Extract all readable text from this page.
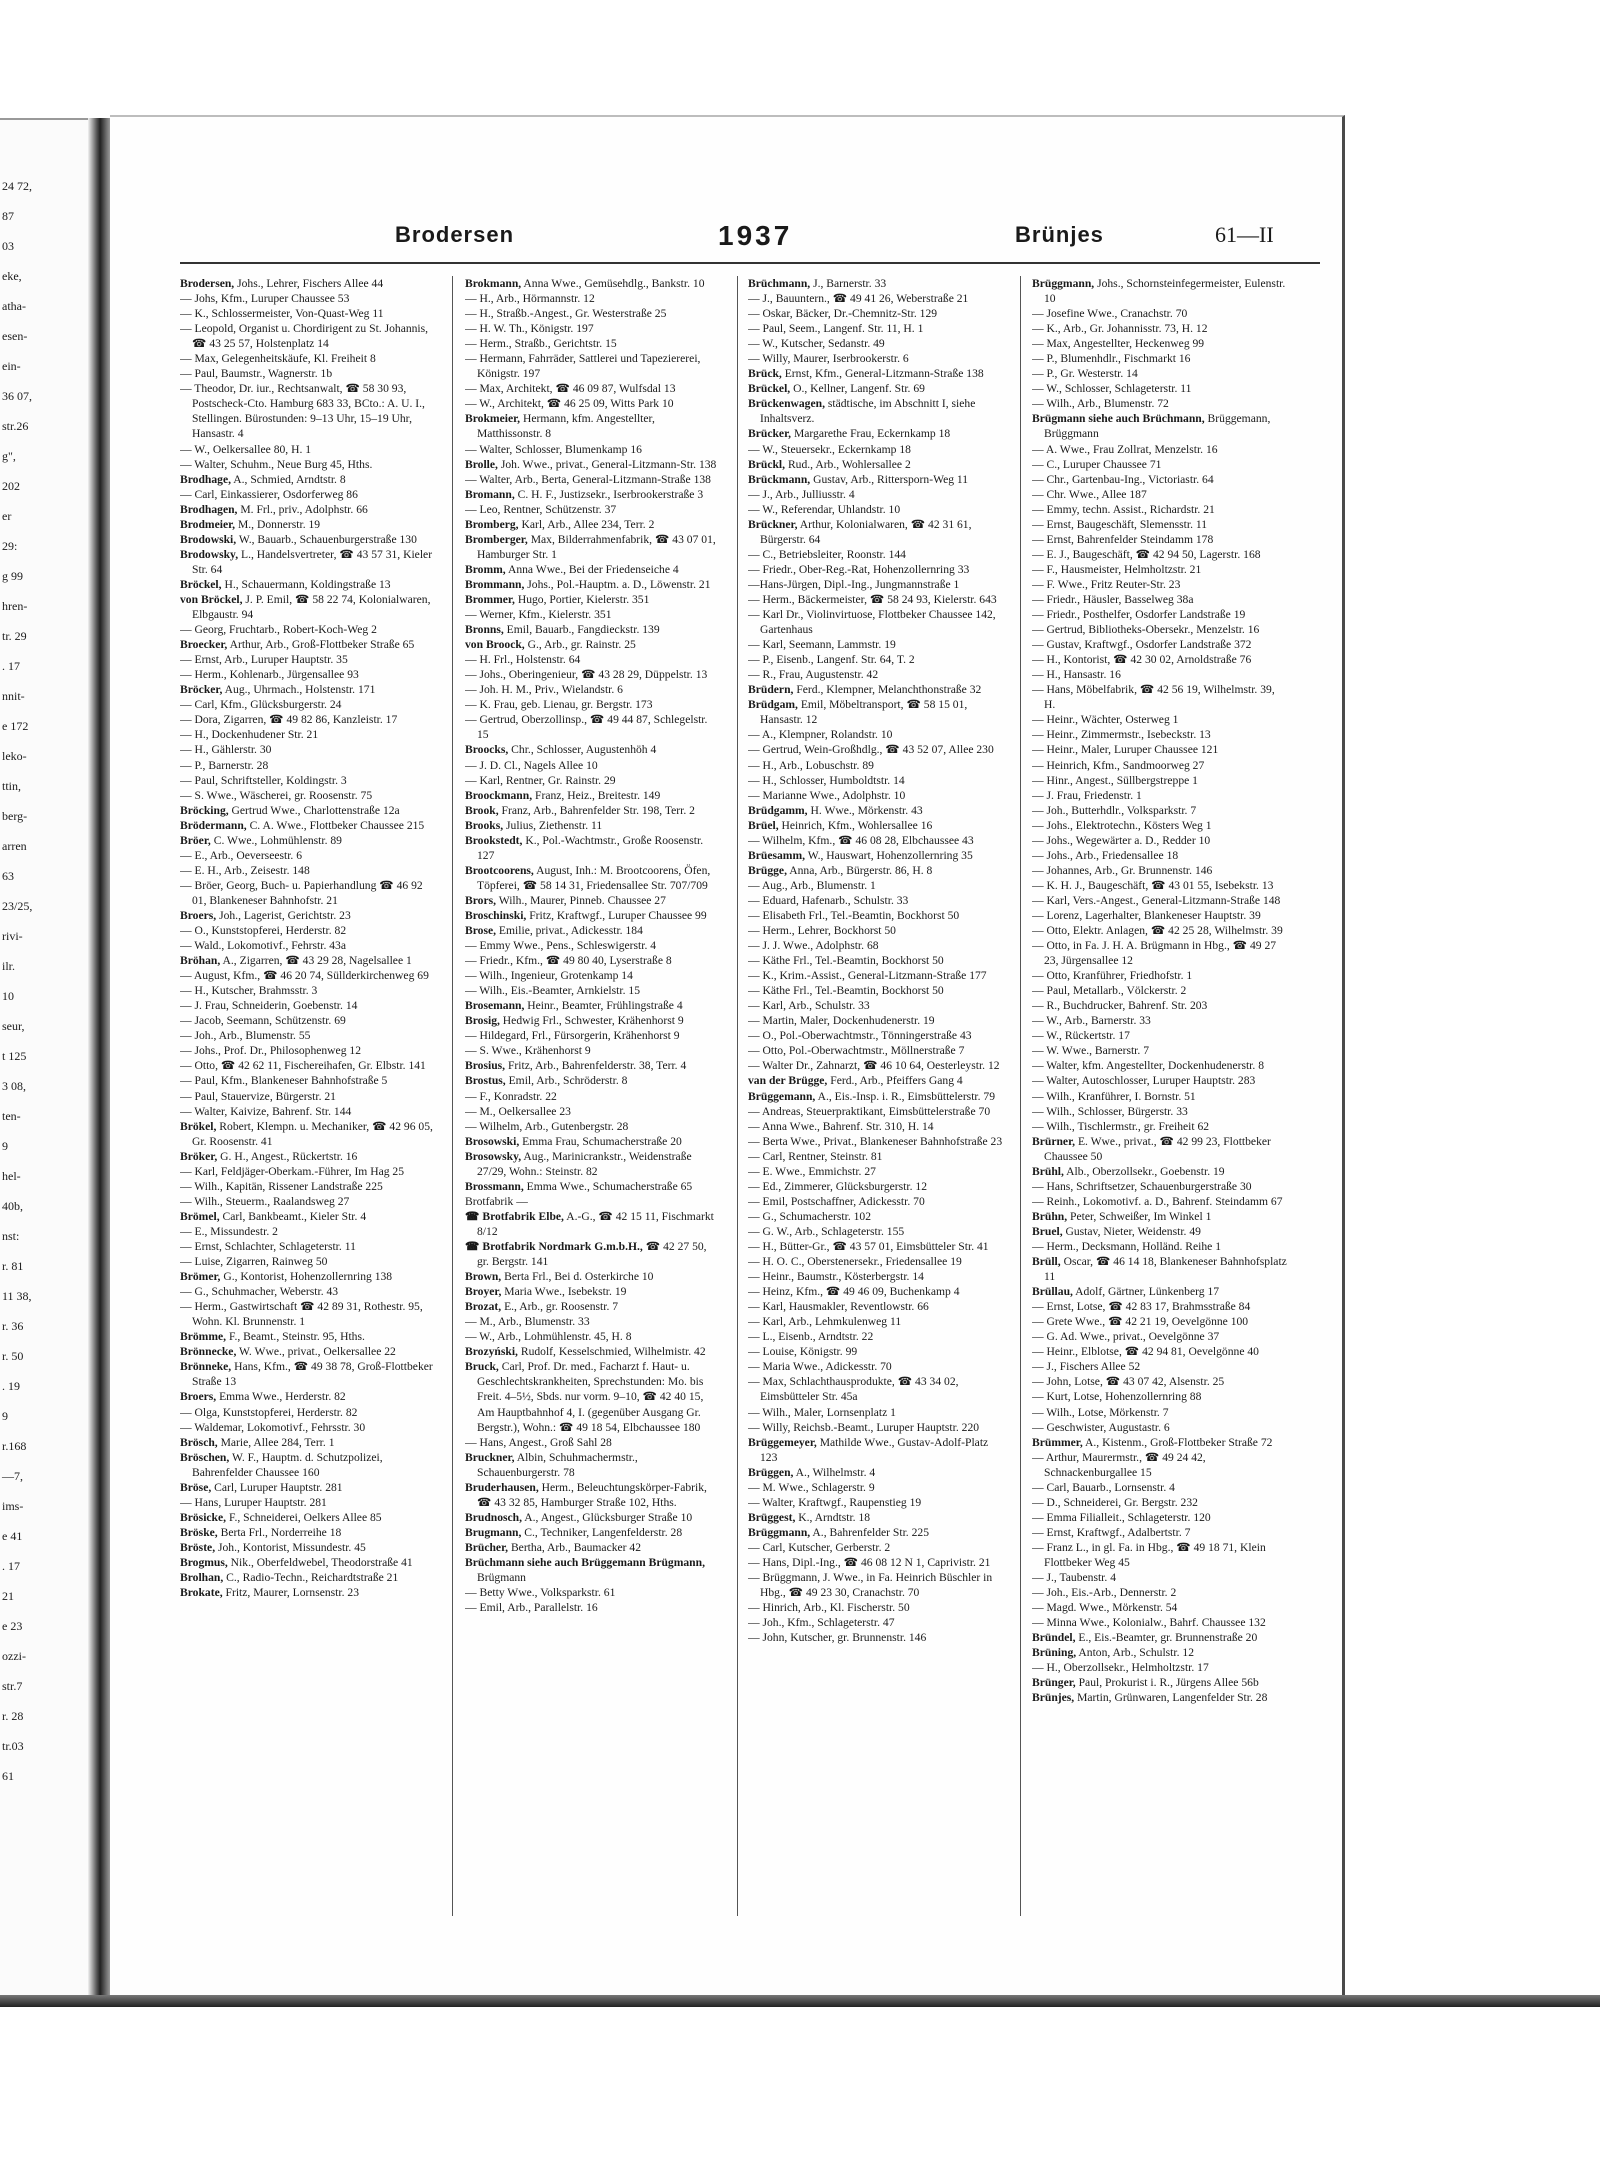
24 72,
87
03
eke,
atha-
esen-
ein-
36 07,
str.26
g",
202
er
29:
g 99
hren-
tr. 29
. 17
nnit-
e 172
leko-
ttin,
berg-
arren
63
23/25,
rivi-
ilr.
10
seur,
t 125
3 08,
ten-
9
hel-
40b,
nst:
r. 81
11 38,
r. 36
r. 50
. 19
9
r.168
—7,
ims-
e 41
. 17
21
e 23
ozzi-
str.7
r. 28
tr.03
61
Brodersen	1937	Brünjes	61—II
Brodersen, Johs., Lehrer, Fischers Allee 44
— Johs, Kfm., Luruper Chaussee 53
— K., Schlossermeister, Von-Quast-Weg 11
— Leopold, Organist u. Chordirigent zu St. Johannis, ☎ 43 25 57, Holstenplatz 14
— Max, Gelegenheitskäufe, Kl. Freiheit 8
— Paul, Baumstr., Wagnerstr. 1b
— Theodor, Dr. iur., Rechtsanwalt, ☎ 58 30 93, Postscheck-Cto. Hamburg 683 33, BCto.: A. U. I., Stellingen. Bürostunden: 9–13 Uhr, 15–19 Uhr, Hansastr. 4
— W., Oelkersallee 80, H. 1
— Walter, Schuhm., Neue Burg 45, Hths.
Brodhage, A., Schmied, Arndtstr. 8
— Carl, Einkassierer, Osdorferweg 86
Brodhagen, M. Frl., priv., Adolphstr. 66
Brodmeier, M., Donnerstr. 19
Brodowski, W., Bauarb., Schauenburgerstraße 130
Brodowsky, L., Handelsvertreter, ☎ 43 57 31, Kieler Str. 64
Bröckel, H., Schauermann, Koldingstraße 13
von Bröckel, J. P. Emil, ☎ 58 22 74, Kolonialwaren, Elbgaustr. 94
— Georg, Fruchtarb., Robert-Koch-Weg 2
Broecker, Arthur, Arb., Groß-Flottbeker Straße 65
— Ernst, Arb., Luruper Hauptstr. 35
— Herm., Kohlenarb., Jürgensallee 93
Bröcker, Aug., Uhrmach., Holstenstr. 171
— Carl, Kfm., Glücksburgerstr. 24
— Dora, Zigarren, ☎ 49 82 86, Kanzleistr. 17
— H., Dockenhudener Str. 21
— H., Gählerstr. 30
— P., Barnerstr. 28
— Paul, Schriftsteller, Koldingstr. 3
— S. Wwe., Wäscherei, gr. Roosenstr. 75
Bröcking, Gertrud Wwe., Charlottenstraße 12a
Brödermann, C. A. Wwe., Flottbeker Chaussee 215
Bröer, C. Wwe., Lohmühlenstr. 89
— E., Arb., Oeverseestr. 6
— E. H., Arb., Zeisestr. 148
— Bröer, Georg, Buch- u. Papierhandlung ☎ 46 92 01, Blankeneser Bahnhofstr. 21
Broers, Joh., Lagerist, Gerichtstr. 23
— O., Kunststopferei, Herderstr. 82
— Wald., Lokomotivf., Fehrstr. 43a
Bröhan, A., Zigarren, ☎ 43 29 28, Nagelsallee 1
— August, Kfm., ☎ 46 20 74, Süllderkirchenweg 69
— H., Kutscher, Brahmsstr. 3
— J. Frau, Schneiderin, Goebenstr. 14
— Jacob, Seemann, Schützenstr. 69
— Joh., Arb., Blumenstr. 55
— Johs., Prof. Dr., Philosophenweg 12
— Otto, ☎ 42 62 11, Fischereihafen, Gr. Elbstr. 141
— Paul, Kfm., Blankeneser Bahnhofstraße 5
— Paul, Stauervize, Bürgerstr. 21
— Walter, Kaivize, Bahrenf. Str. 144
Brökel, Robert, Klempn. u. Mechaniker, ☎ 42 96 05, Gr. Roosenstr. 41
Bröker, G. H., Angest., Rückertstr. 16
— Karl, Feldjäger-Oberkam.-Führer, Im Hag 25
— Wilh., Kapitän, Rissener Landstraße 225
— Wilh., Steuerm., Raalandsweg 27
Brömel, Carl, Bankbeamt., Kieler Str. 4
— E., Missundestr. 2
— Ernst, Schlachter, Schlageterstr. 11
— Luise, Zigarren, Rainweg 50
Brömer, G., Kontorist, Hohenzollernring 138
— G., Schuhmacher, Weberstr. 43
— Herm., Gastwirtschaft ☎ 42 89 31, Rothestr. 95, Wohn. Kl. Brunnenstr. 1
Brömme, F., Beamt., Steinstr. 95, Hths.
Brönnecke, W. Wwe., privat., Oelkersallee 22
Brönneke, Hans, Kfm., ☎ 49 38 78, Groß-Flottbeker Straße 13
Broers, Emma Wwe., Herderstr. 82
— Olga, Kunststopferei, Herderstr. 82
— Waldemar, Lokomotivf., Fehrsstr. 30
Brösch, Marie, Allee 284, Terr. 1
Bröschen, W. F., Hauptm. d. Schutzpolizei, Bahrenfelder Chaussee 160
Bröse, Carl, Luruper Hauptstr. 281
— Hans, Luruper Hauptstr. 281
Brösicke, F., Schneiderei, Oelkers Allee 85
Bröske, Berta Frl., Norderreihe 18
Bröste, Joh., Kontorist, Missundestr. 45
Brogmus, Nik., Oberfeldwebel, Theodorstraße 41
Brolhan, C., Radio-Techn., Reichardtstraße 21
Brokate, Fritz, Maurer, Lornsenstr. 23
Brokmann, Anna Wwe., Gemüsehdlg., Bankstr. 10
— H., Arb., Hörmannstr. 12
— H., Straßb.-Angest., Gr. Westerstraße 25
— H. W. Th., Königstr. 197
— Herm., Straßb., Gerichtstr. 15
— Hermann, Fahrräder, Sattlerei und Tapeziererei, Königstr. 197
— Max, Architekt, ☎ 46 09 87, Wulfsdal 13
— W., Architekt, ☎ 46 25 09, Witts Park 10
Brokmeier, Hermann, kfm. Angestellter, Matthissonstr. 8
— Walter, Schlosser, Blumenkamp 16
Brolle, Joh. Wwe., privat., General-Litzmann-Str. 138
— Walter, Arb., Berta, General-Litzmann-Straße 138
Bromann, C. H. F., Justizsekr., Iserbrookerstraße 3
— Leo, Rentner, Schützenstr. 37
Bromberg, Karl, Arb., Allee 234, Terr. 2
Bromberger, Max, Bilderrahmenfabrik, ☎ 43 07 01, Hamburger Str. 1
Bromm, Anna Wwe., Bei der Friedenseiche 4
Brommann, Johs., Pol.-Hauptm. a. D., Löwenstr. 21
Brommer, Hugo, Portier, Kielerstr. 351
— Werner, Kfm., Kielerstr. 351
Bronns, Emil, Bauarb., Fangdieckstr. 139
von Broock, G., Arb., gr. Rainstr. 25
— H. Frl., Holstenstr. 64
— Johs., Oberingenieur, ☎ 43 28 29, Düppelstr. 13
— Joh. H. M., Priv., Wielandstr. 6
— K. Frau, geb. Lienau, gr. Bergstr. 173
— Gertrud, Oberzollinsp., ☎ 49 44 87, Schlegelstr. 15
Broocks, Chr., Schlosser, Augustenhöh 4
— J. D. Cl., Nagels Allee 10
— Karl, Rentner, Gr. Rainstr. 29
Broockmann, Franz, Heiz., Breitestr. 149
Brook, Franz, Arb., Bahrenfelder Str. 198, Terr. 2
Brooks, Julius, Ziethenstr. 11
Brookstedt, K., Pol.-Wachtmstr., Große Roosenstr. 127
Brootcoorens, August, Inh.: M. Brootcoorens, Öfen, Töpferei, ☎ 58 14 31, Friedensallee Str. 707/709
Brors, Wilh., Maurer, Pinneb. Chaussee 27
Broschinski, Fritz, Kraftwgf., Luruper Chaussee 99
Brose, Emilie, privat., Adickesstr. 184
— Emmy Wwe., Pens., Schleswigerstr. 4
— Friedr., Kfm., ☎ 49 80 40, Lyserstraße 8
— Wilh., Ingenieur, Grotenkamp 14
— Wilh., Eis.-Beamter, Arnkielstr. 15
Brosemann, Heinr., Beamter, Frühlingstraße 4
Brosig, Hedwig Frl., Schwester, Krähenhorst 9
— Hildegard, Frl., Fürsorgerin, Krähenhorst 9
— S. Wwe., Krähenhorst 9
Brosius, Fritz, Arb., Bahrenfelderstr. 38, Terr. 4
Brostus, Emil, Arb., Schröderstr. 8
— F., Konradstr. 22
— M., Oelkersallee 23
— Wilhelm, Arb., Gutenbergstr. 28
Brosowski, Emma Frau, Schumacherstraße 20
Brosowsky, Aug., Marinicrankstr., Weidenstraße 27/29, Wohn.: Steinstr. 82
Brossmann, Emma Wwe., Schumacherstraße 65
Brotfabrik —
☎ Brotfabrik Elbe, A.-G., ☎ 42 15 11, Fischmarkt 8/12
☎ Brotfabrik Nordmark G.m.b.H., ☎ 42 27 50, gr. Bergstr. 141
Brown, Berta Frl., Bei d. Osterkirche 10
Broyer, Maria Wwe., Isebekstr. 19
Brozat, E., Arb., gr. Roosenstr. 7
— M., Arb., Blumenstr. 33
— W., Arb., Lohmühlenstr. 45, H. 8
Brozyński, Rudolf, Kesselschmied, Wilhelmistr. 42
Bruck, Carl, Prof. Dr. med., Facharzt f. Haut- u. Geschlechtskrankheiten, Sprechstunden: Mo. bis Freit. 4–5½, Sbds. nur vorm. 9–10, ☎ 42 40 15, Am Hauptbahnhof 4, I. (gegenüber Ausgang Gr. Bergstr.), Wohn.: ☎ 49 18 54, Elbchaussee 180
— Hans, Angest., Groß Sahl 28
Bruckner, Albin, Schuhmachermstr., Schauenburgerstr. 78
Bruderhausen, Herm., Beleuchtungskörper-Fabrik, ☎ 43 32 85, Hamburger Straße 102, Hths.
Brudnosch, A., Angest., Glücksburger Straße 10
Brugmann, C., Techniker, Langenfelderstr. 28
Brücher, Bertha, Arb., Baumacker 42
Brüchmann siehe auch Brüggemann Brügmann, Brügmann
— Betty Wwe., Volksparkstr. 61
— Emil, Arb., Parallelstr. 16
Brüchmann, J., Barnerstr. 33
— J., Bauuntern., ☎ 49 41 26, Weberstraße 21
— Oskar, Bäcker, Dr.-Chemnitz-Str. 129
— Paul, Seem., Langenf. Str. 11, H. 1
— W., Kutscher, Sedanstr. 49
— Willy, Maurer, Iserbrookerstr. 6
Brück, Ernst, Kfm., General-Litzmann-Straße 138
Brückel, O., Kellner, Langenf. Str. 69
Brückenwagen, städtische, im Abschnitt I, siehe Inhaltsverz.
Brücker, Margarethe Frau, Eckernkamp 18
— W., Steuersekr., Eckernkamp 18
Brückl, Rud., Arb., Wohlersallee 2
Brückmann, Gustav, Arb., Rittersporn-Weg 11
— J., Arb., Julliusstr. 4
— W., Referendar, Uhlandstr. 10
Brückner, Arthur, Kolonialwaren, ☎ 42 31 61, Bürgerstr. 64
— C., Betriebsleiter, Roonstr. 144
— Friedr., Ober-Reg.-Rat, Hohenzollernring 33
—Hans-Jürgen, Dipl.-Ing., Jungmannstraße 1
— Herm., Bäckermeister, ☎ 58 24 93, Kielerstr. 643
— Karl Dr., Violinvirtuose, Flottbeker Chaussee 142, Gartenhaus
— Karl, Seemann, Lammstr. 19
— P., Eisenb., Langenf. Str. 64, T. 2
— R., Frau, Augustenstr. 42
Brüdern, Ferd., Klempner, Melanchthonstraße 32
Brüdgam, Emil, Möbeltransport, ☎ 58 15 01, Hansastr. 12
— A., Klempner, Rolandstr. 10
— Gertrud, Wein-Großhdlg., ☎ 43 52 07, Allee 230
— H., Arb., Lobuschstr. 89
— H., Schlosser, Humboldtstr. 14
— Marianne Wwe., Adolphstr. 10
Brüdgamm, H. Wwe., Mörkenstr. 43
Brüel, Heinrich, Kfm., Wohlersallee 16
— Wilhelm, Kfm., ☎ 46 08 28, Elbchaussee 43
Brüesamm, W., Hauswart, Hohenzollernring 35
Brügge, Anna, Arb., Bürgerstr. 86, H. 8
— Aug., Arb., Blumenstr. 1
— Eduard, Hafenarb., Schulstr. 33
— Elisabeth Frl., Tel.-Beamtin, Bockhorst 50
— Herm., Lehrer, Bockhorst 50
— J. J. Wwe., Adolphstr. 68
— Käthe Frl., Tel.-Beamtin, Bockhorst 50
— K., Krim.-Assist., General-Litzmann-Straße 177
— Käthe Frl., Tel.-Beamtin, Bockhorst 50
— Karl, Arb., Schulstr. 33
— Martin, Maler, Dockenhudenerstr. 19
— O., Pol.-Oberwachtmstr., Tönningerstraße 43
— Otto, Pol.-Oberwachtmstr., Möllnerstraße 7
— Walter Dr., Zahnarzt, ☎ 46 10 64, Oesterleystr. 12
van der Brügge, Ferd., Arb., Pfeiffers Gang 4
Brüggemann, A., Eis.-Insp. i. R., Eimsbüttelerstr. 79
— Andreas, Steuerpraktikant, Eimsbüttelerstraße 70
— Anna Wwe., Bahrenf. Str. 310, H. 14
— Berta Wwe., Privat., Blankeneser Bahnhofstraße 23
— Carl, Rentner, Steinstr. 81
— E. Wwe., Emmichstr. 27
— Ed., Zimmerer, Glücksburgerstr. 12
— Emil, Postschaffner, Adickesstr. 70
— G., Schumacherstr. 102
— G. W., Arb., Schlageterstr. 155
— H., Bütter-Gr., ☎ 43 57 01, Eimsbütteler Str. 41
— H. O. C., Oberstenersekr., Friedensallee 19
— Heinr., Baumstr., Kösterbergstr. 14
— Heinz, Kfm., ☎ 49 46 09, Buchenkamp 4
— Karl, Hausmakler, Reventlowstr. 66
— Karl, Arb., Lehmkulenweg 11
— L., Eisenb., Arndtstr. 22
— Louise, Königstr. 99
— Maria Wwe., Adickesstr. 70
— Max, Schlachthausprodukte, ☎ 43 34 02, Eimsbütteler Str. 45a
— Wilh., Maler, Lornsenplatz 1
— Willy, Reichsb.-Beamt., Luruper Hauptstr. 220
Brüggemeyer, Mathilde Wwe., Gustav-Adolf-Platz 123
Brüggen, A., Wilhelmstr. 4
— M. Wwe., Schlagerstr. 9
— Walter, Kraftwgf., Raupenstieg 19
Brüggest, K., Arndtstr. 18
Brüggmann, A., Bahrenfelder Str. 225
— Carl, Kutscher, Gerberstr. 2
— Hans, Dipl.-Ing., ☎ 46 08 12 N 1, Caprivistr. 21
— Brüggmann, J. Wwe., in Fa. Heinrich Büschler in Hbg., ☎ 49 23 30, Cranachstr. 70
— Hinrich, Arb., Kl. Fischerstr. 50
— Joh., Kfm., Schlageterstr. 47
— John, Kutscher, gr. Brunnenstr. 146
Brüggmann, Johs., Schornsteinfegermeister, Eulenstr. 10
— Josefine Wwe., Cranachstr. 70
— K., Arb., Gr. Johannisstr. 73, H. 12
— Max, Angestellter, Heckenweg 99
— P., Blumenhdlr., Fischmarkt 16
— P., Gr. Westerstr. 14
— W., Schlosser, Schlageterstr. 11
— Wilh., Arb., Blumenstr. 72
Brügmann siehe auch Brüchmann, Brüggemann, Brüggmann
— A. Wwe., Frau Zollrat, Menzelstr. 16
— C., Luruper Chaussee 71
— Chr., Gartenbau-Ing., Victoriastr. 64
— Chr. Wwe., Allee 187
— Emmy, techn. Assist., Richardstr. 21
— Ernst, Baugeschäft, Slemensstr. 11
— Ernst, Bahrenfelder Steindamm 178
— E. J., Baugeschäft, ☎ 42 94 50, Lagerstr. 168
— F., Hausmeister, Helmholtzstr. 21
— F. Wwe., Fritz Reuter-Str. 23
— Friedr., Häusler, Basselweg 38a
— Friedr., Posthelfer, Osdorfer Landstraße 19
— Gertrud, Bibliotheks-Obersekr., Menzelstr. 16
— Gustav, Kraftwgf., Osdorfer Landstraße 372
— H., Kontorist, ☎ 42 30 02, Arnoldstraße 76
— H., Hansastr. 16
— Hans, Möbelfabrik, ☎ 42 56 19, Wilhelmstr. 39, H.
— Heinr., Wächter, Osterweg 1
— Heinr., Zimmermstr., Isebeckstr. 13
— Heinr., Maler, Luruper Chaussee 121
— Heinrich, Kfm., Sandmoorweg 27
— Hinr., Angest., Süllbergstreppe 1
— J. Frau, Friedenstr. 1
— Joh., Butterhdlr., Volksparkstr. 7
— Johs., Elektrotechn., Kösters Weg 1
— Johs., Wegewärter a. D., Redder 10
— Johs., Arb., Friedensallee 18
— Johannes, Arb., Gr. Brunnenstr. 146
— K. H. J., Baugeschäft, ☎ 43 01 55, Isebekstr. 13
— Karl, Vers.-Angest., General-Litzmann-Straße 148
— Lorenz, Lagerhalter, Blankeneser Hauptstr. 39
— Otto, Elektr. Anlagen, ☎ 42 25 28, Wilhelmstr. 39
— Otto, in Fa. J. H. A. Brügmann in Hbg., ☎ 49 27 23, Jürgensallee 12
— Otto, Kranführer, Friedhofstr. 1
— Paul, Metallarb., Völckerstr. 2
— R., Buchdrucker, Bahrenf. Str. 203
— W., Arb., Barnerstr. 33
— W., Rückertstr. 17
— W. Wwe., Barnerstr. 7
— Walter, kfm. Angestellter, Dockenhudenerstr. 8
— Walter, Autoschlosser, Luruper Hauptstr. 283
— Wilh., Kranführer, I. Bornstr. 51
— Wilh., Schlosser, Bürgerstr. 33
— Wilh., Tischlermstr., gr. Freiheit 62
Brürner, E. Wwe., privat., ☎ 42 99 23, Flottbeker Chaussee 50
Brühl, Alb., Oberzollsekr., Goebenstr. 19
— Hans, Schriftsetzer, Schauenburgerstraße 30
— Reinh., Lokomotivf. a. D., Bahrenf. Steindamm 67
Brühn, Peter, Schweißer, Im Winkel 1
Bruel, Gustav, Nieter, Weidenstr. 49
— Herm., Decksmann, Holländ. Reihe 1
Brüll, Oscar, ☎ 46 14 18, Blankeneser Bahnhofsplatz 11
Brüllau, Adolf, Gärtner, Lünkenberg 17
— Ernst, Lotse, ☎ 42 83 17, Brahmsstraße 84
— Grete Wwe., ☎ 42 21 19, Oevelgönne 100
— G. Ad. Wwe., privat., Oevelgönne 37
— Heinr., Elblotse, ☎ 42 94 81, Oevelgönne 40
— J., Fischers Allee 52
— John, Lotse, ☎ 43 07 42, Alsenstr. 25
— Kurt, Lotse, Hohenzollernring 88
— Wilh., Lotse, Mörkenstr. 7
— Geschwister, Augustastr. 6
Brümmer, A., Kistenm., Groß-Flottbeker Straße 72
— Arthur, Maurermstr., ☎ 49 24 42, Schnackenburgallee 15
— Carl, Bauarb., Lornsenstr. 4
— D., Schneiderei, Gr. Bergstr. 232
— Emma Filialleit., Schlageterstr. 120
— Ernst, Kraftwgf., Adalbertstr. 7
— Franz L., in gl. Fa. in Hbg., ☎ 49 18 71, Klein Flottbeker Weg 45
— J., Taubenstr. 4
— Joh., Eis.-Arb., Dennerstr. 2
— Magd. Wwe., Mörkenstr. 54
— Minna Wwe., Kolonialw., Bahrf. Chaussee 132
Bründel, E., Eis.-Beamter, gr. Brunnenstraße 20
Brüning, Anton, Arb., Schulstr. 12
— H., Oberzollsekr., Helmholtzstr. 17
Brünger, Paul, Prokurist i. R., Jürgens Allee 56b
Brünjes, Martin, Grünwaren, Langenfelder Str. 28
